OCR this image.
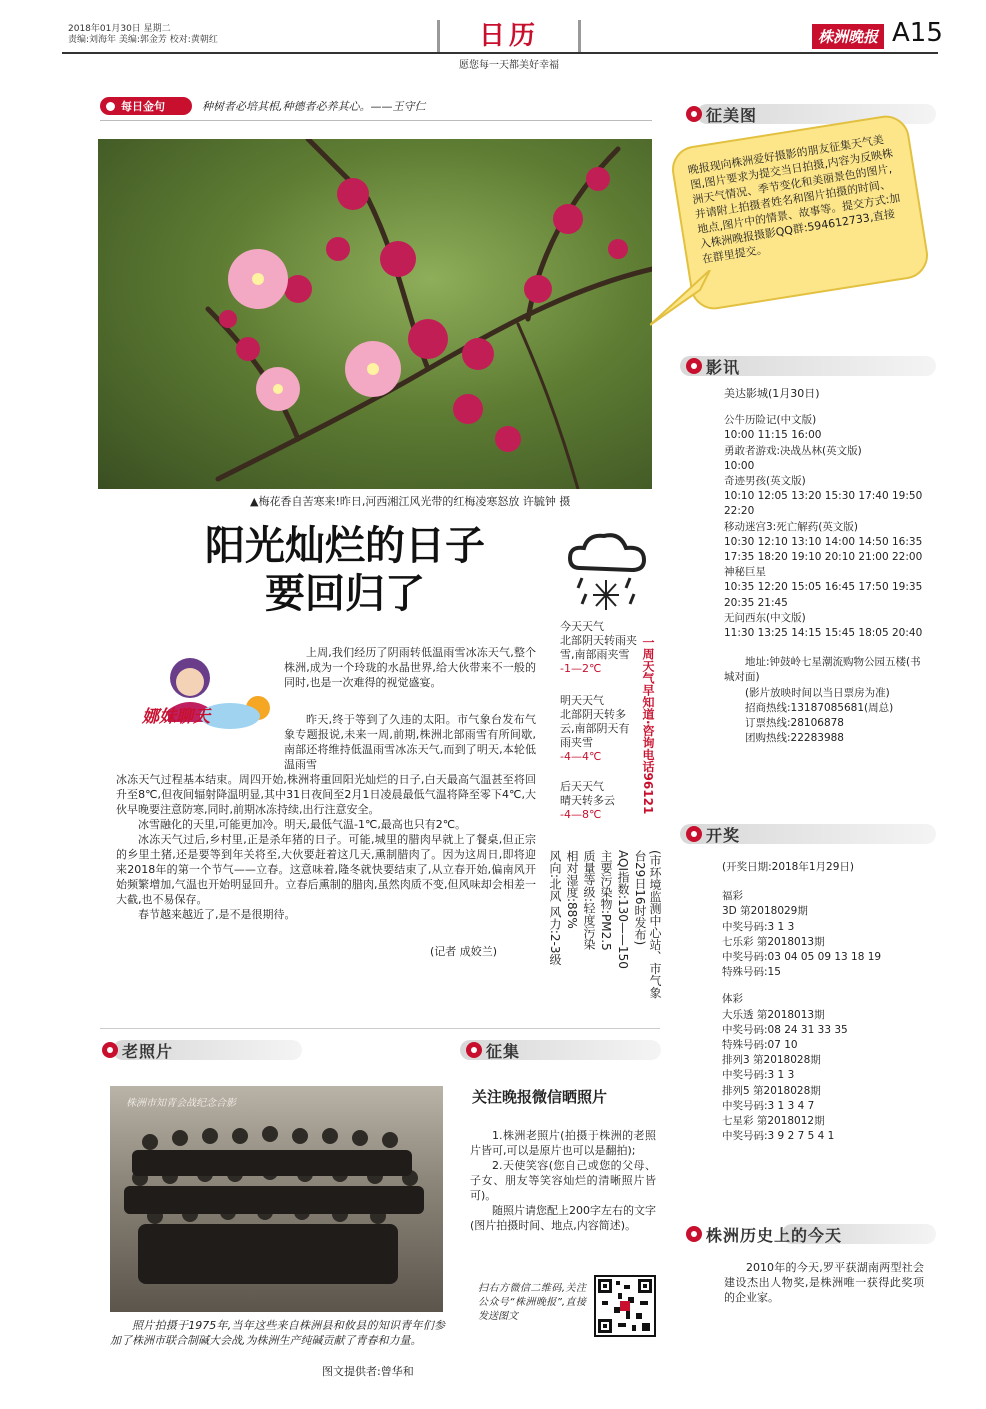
2018年01月30日 星期二
责编:刘海年 美编:郭金芳 校对:黄朝红	日历
愿您每一天都美好幸福
株洲晚报 A15
每日金句	种树者必培其根,种德者必养其心。——王守仁
▲梅花香自苦寒来!昨日,河西湘江风光带的红梅凌寒怒放 许毓钟 摄
阳光灿烂的日子
要回归了
娜妹聊天
上周,我们经历了阴雨转低温雨雪冰冻天气,整个株洲,成为一个玲珑的水晶世界,给大伙带来不一般的同时,也是一次难得的视觉盛宴。
昨天,终于等到了久违的太阳。市气象台发布气象专题报说,未来一周,前期,株洲北部雨雪有所间歇,南部还将维持低温雨雪冰冻天气,而到了明天,本轮低温雨雪
冰冻天气过程基本结束。周四开始,株洲将重回阳光灿烂的日子,白天最高气温甚至将回升至8℃,但夜间辐射降温明显,其中31日夜间至2月1日凌晨最低气温将降至零下4℃,大伙早晚要注意防寒,同时,前期冰冻持续,出行注意安全。
冰雪融化的天里,可能更加冷。明天,最低气温-1℃,最高也只有2℃。
冰冻天气过后,乡村里,正是杀年猪的日子。可能,城里的腊肉早就上了餐桌,但正宗的乡里土猪,还是要等到年关将至,大伙要赶着这几天,熏制腊肉了。因为这周日,即将迎来2018年的第一个节气——立春。这意味着,隆冬就快要结束了,从立春开始,偏南风开始频繁增加,气温也开始明显回升。立春后熏制的腊肉,虽然肉质不变,但风味却会相差一大截,也不易保存。
春节越来越近了,是不是很期待。
(记者 成姣兰)
今天天气
北部阴天转雨夹雪,南部雨夹雪
-1—2℃
明天天气
北部阴天转多云,南部阴天有雨夹雪
-4—4℃
后天天气
晴天转多云
-4—8℃
一周天气早知道·咨询电话96121
(市环境监测中心站、市气象台29日16时发布)
AQI指数:130——150
主要污染物:PM2.5
质量等级:轻度污染
相对湿度:88%
风向:北风 风力:2-3级
征美图
晚报现向株洲爱好摄影的朋友征集天气美图,图片要求为提交当日拍摄,内容为反映株洲天气情况、季节变化和美丽景色的图片,并请附上拍摄者姓名和图片拍摄的时间、地点,图片中的情景、故事等。提交方式:加入株洲晚报摄影QQ群:594612733,直接在群里提交。
影讯
美达影城(1月30日)
公牛历险记(中文版)
10:00 11:15 16:00
勇敢者游戏:决战丛林(英文版)
10:00
奇迹男孩(英文版)
10:10 12:05 13:20 15:30 17:40 19:50 22:20
移动迷宫3:死亡解药(英文版)
10:30 12:10 13:10 14:00 14:50 16:35 17:35 18:20 19:10 20:10 21:00 22:00
神秘巨星
10:35 12:20 15:05 16:45 17:50 19:35 20:35 21:45
无问西东(中文版)
11:30 13:25 14:15 15:45 18:05 20:40
地址:钟鼓岭七星潮流购物公园五楼(书城对面)
(影片放映时间以当日票房为准)
招商热线:13187085681(周总)
订票热线:28106878
团购热线:22283988
开奖
(开奖日期:2018年1月29日)
福彩
3D 第2018029期
中奖号码:3 1 3
七乐彩 第2018013期
中奖号码:03 04 05 09 13 18 19
特殊号码:15
体彩
大乐透 第2018013期
中奖号码:08 24 31 33 35
特殊号码:07 10
排列3 第2018028期
中奖号码:3 1 3
排列5 第2018028期
中奖号码:3 1 3 4 7
七星彩 第2018012期
中奖号码:3 9 2 7 5 4 1
株洲历史上的今天
2010年的今天,罗平获湖南两型社会建设杰出人物奖,是株洲唯一获得此奖项的企业家。
老照片
株洲市知青会战纪念合影
照片拍摄于1975年,当年这些来自株洲县和攸县的知识青年们参加了株洲市联合制碱大会战,为株洲生产纯碱贡献了青春和力量。
图文提供者:曾华和
征集
关注晚报微信晒照片
1.株洲老照片(拍摄于株洲的老照片皆可,可以是原片也可以是翻拍);
2.天使笑容(您自己或您的父母、子女、朋友等笑容灿烂的清晰照片皆可)。
随照片请您配上200字左右的文字(图片拍摄时间、地点,内容简述)。
扫右方微信二维码,关注公众号“株洲晚报”,直接发送图文
